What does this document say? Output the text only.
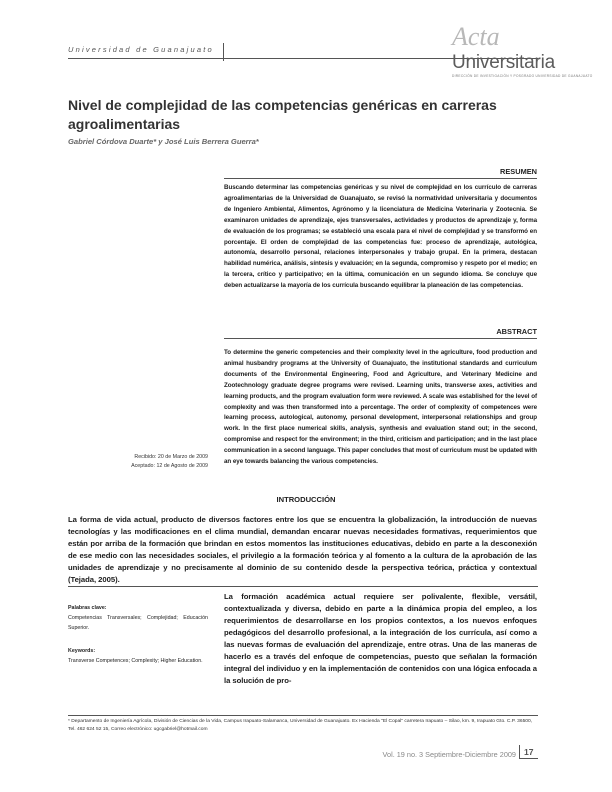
Universidad de Guanajuato	Acta
Universitaria
DIRECCIÓN DE INVESTIGACIÓN Y POSGRADO UNIVERSIDAD DE GUANAJUATO
Nivel de complejidad de las competencias genéricas en carreras agroalimentarias
Gabriel Córdova Duarte* y José Luis Berrera Guerra*
RESUMEN
Buscando determinar las competencias genéricas y su nivel de complejidad en los currículo de carreras agroalimentarias de la Universidad de Guanajuato, se revisó la normatividad universitaria y documentos de Ingeniero Ambiental, Alimentos, Agrónomo y la licenciatura de Medicina Veterinaria y Zootecnia. Se examinaron unidades de aprendizaje, ejes transversales, actividades y productos de aprendizaje y, forma de evaluación de los programas; se estableció una escala para el nivel de complejidad y se transformó en porcentaje. El orden de complejidad de las competencias fue: proceso de aprendizaje, autológica, autonomía, desarrollo personal, relaciones interpersonales y trabajo grupal. En la primera, destacan habilidad numérica, análisis, síntesis y evaluación; en la segunda, compromiso y respeto por el medio; en la tercera, crítico y participativo; en la última, comunicación en un segundo idioma. Se concluye que deben actualizarse la mayoría de los currícula buscando equilibrar la planeación de las competencias.
ABSTRACT
To determine the generic competencies and their complexity level in the agriculture, food production and animal husbandry programs at the University of Guanajuato, the institutional standards and curriculum documents of the Environmental Engineering, Food and Agriculture, and Veterinary Medicine and Zootechnology graduate degree programs were revised. Learning units, transverse axes, activities and learning products, and the program evaluation form were reviewed. A scale was established for the level of complexity and was then transformed into a percentage. The order of complexity of competences were learning process, autological, autonomy, personal development, interpersonal relationships and group work. In the first place numerical skills, analysis, synthesis and evaluation stand out; in the second, compromise and respect for the environment; in the third, criticism and participation; and in the last place communication in a second language. This paper concludes that most of curriculum must be updated with an eye towards balancing the various competencies.
Recibido: 20 de Marzo de 2009
Aceptado: 12 de Agosto de 2009
INTRODUCCIÓN
La forma de vida actual, producto de diversos factores entre los que se encuentra la globalización, la introducción de nuevas tecnologías y las modificaciones en el clima mundial, demandan encarar nuevas necesidades formativas, requerimientos que están por arriba de la formación que brindan en estos momentos las instituciones educativas, debido en parte a la desconexión de ese medio con las necesidades sociales, el privilegio a la formación teórica y al fomento a la cultura de la aprobación de las unidades de aprendizaje y no precisamente al dominio de su contenido desde la perspectiva teórica, práctica y contextual (Tejada, 2005).
Palabras clave:
Competencias Transversales; Complejidad; Educación Superior.
Keywords:
Transverse Competences; Complexity; Higher Education.
La formación académica actual requiere ser polivalente, flexible, versátil, contextualizada y diversa, debido en parte a la dinámica propia del empleo, a los requerimientos de desarrollarse en los propios contextos, a los nuevos enfoques pedagógicos del desarrollo profesional, a la integración de los currícula, así como a las nuevas formas de evaluación del aprendizaje, entre otras. Una de las maneras de hacerlo es a través del enfoque de competencias, puesto que señalan la formación integral del individuo y en la implementación de contenidos con una lógica enfocada a la solución de pro-
* Departamento de Ingeniería Agrícola, División de Ciencias de la Vida, Campus Irapuato-Salamanca, Universidad de Guanajuato. Ex Hacienda "El Copal" carretera Irapuato – Silao, km. 9, Irapuato Gto. C.P. 36500, Tel. 462 624 52 15, Correo electrónico: ugcgabriel@hotmail.com
Vol. 19 no. 3 Septiembre-Diciembre 2009 17
